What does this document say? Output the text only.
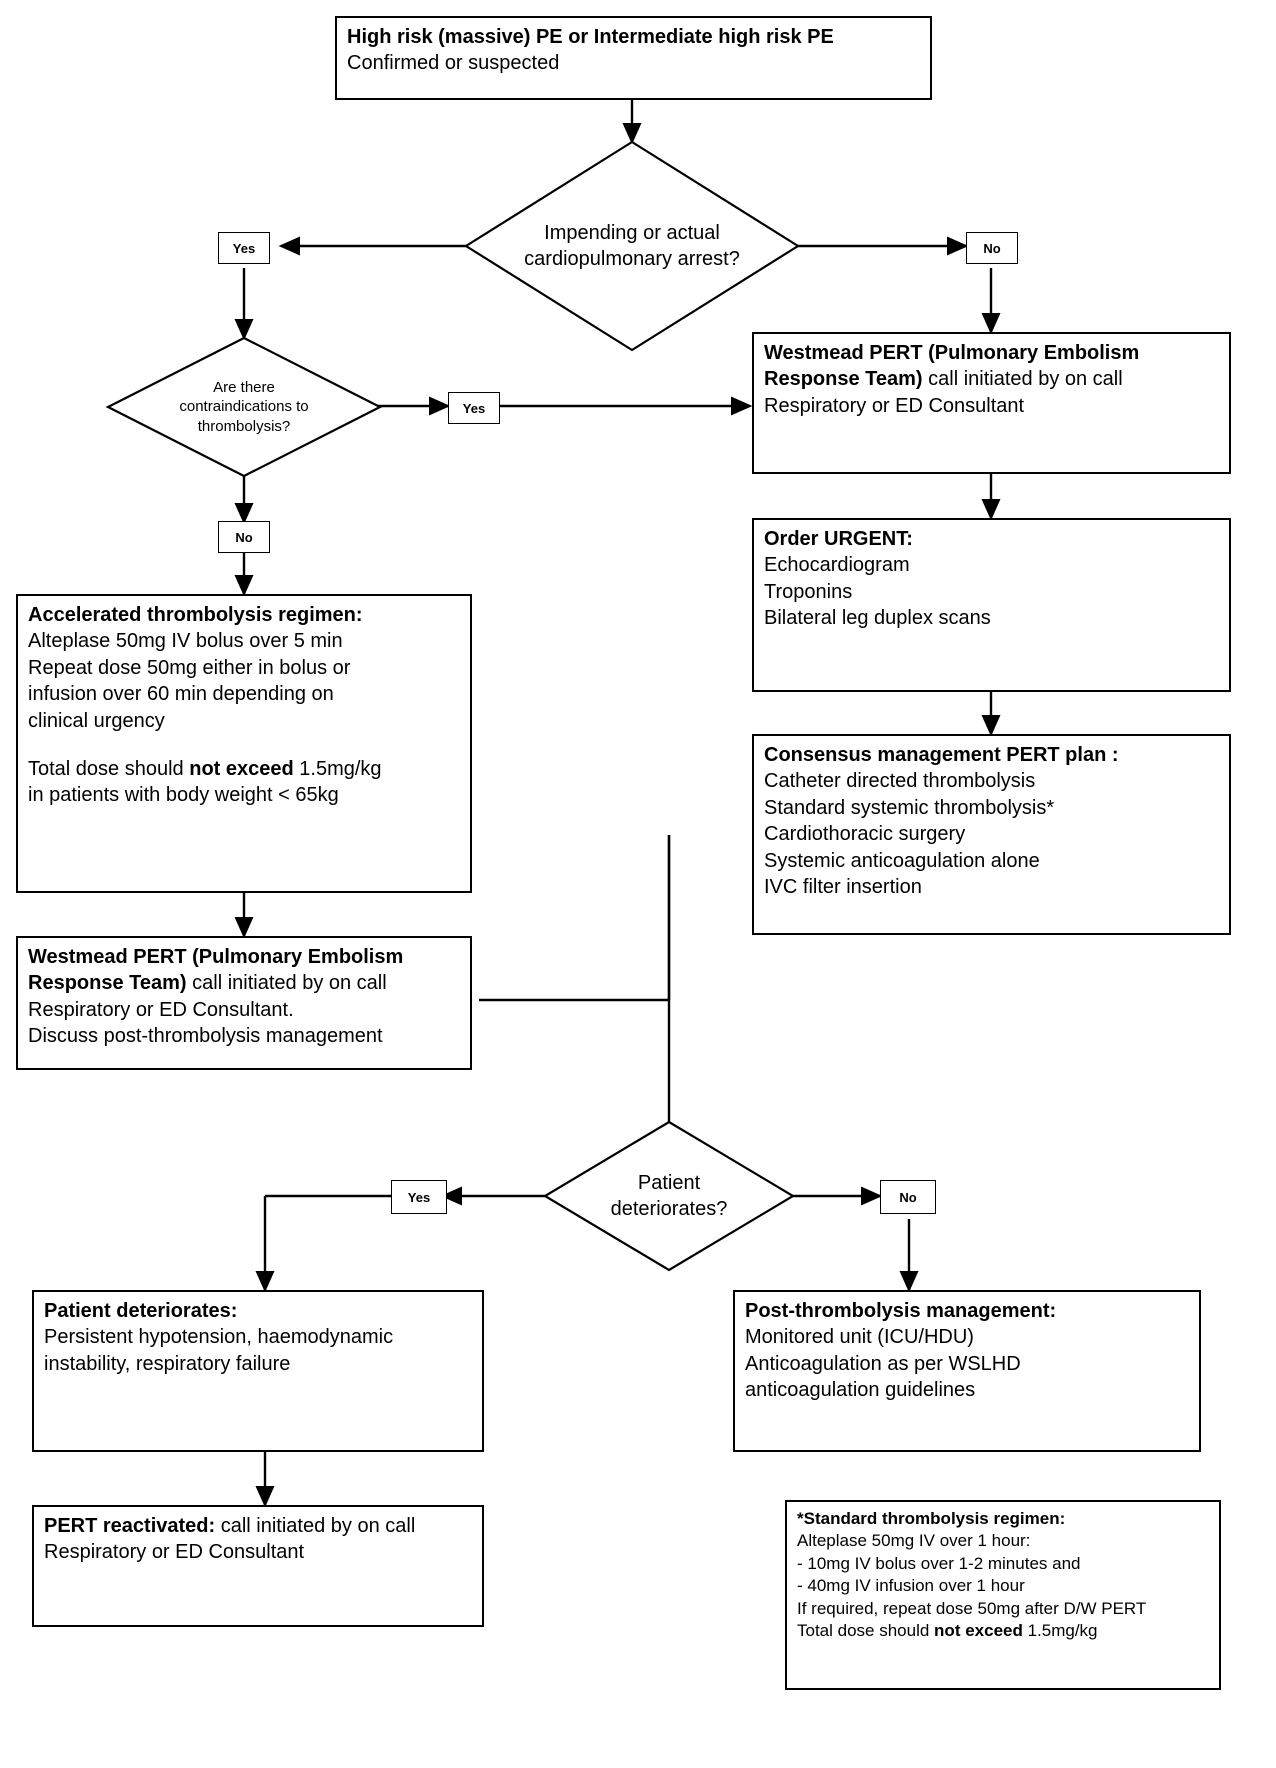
High risk (massive) PE or Intermediate high risk PE
Confirmed or suspected
Impending or actual
cardiopulmonary arrest?
Yes	No
Are there
contraindications to
thrombolysis?
Yes
No
Westmead PERT (Pulmonary Embolism Response Team) call initiated by on call Respiratory or ED Consultant
Order URGENT:
Echocardiogram
Troponins
Bilateral leg duplex scans
Consensus management PERT plan :
Catheter directed thrombolysis
Standard systemic thrombolysis*
Cardiothoracic surgery
Systemic anticoagulation alone
IVC filter insertion
Accelerated thrombolysis regimen:
Alteplase 50mg IV bolus over 5 min
Repeat dose 50mg either in bolus or
infusion over 60 min depending on
clinical urgency
Total dose should not exceed 1.5mg/kg
in patients with body weight < 65kg
Westmead PERT (Pulmonary Embolism Response Team) call initiated by on call Respiratory or ED Consultant.
Discuss post-thrombolysis management
Patient
deteriorates?
Yes	No
Patient deteriorates:
Persistent hypotension, haemodynamic
instability, respiratory failure
PERT reactivated: call initiated by on call Respiratory or ED Consultant
Post-thrombolysis management:
Monitored unit (ICU/HDU)
Anticoagulation as per WSLHD
anticoagulation guidelines
*Standard thrombolysis regimen:
Alteplase 50mg IV over 1 hour:
- 10mg IV bolus over 1-2 minutes and
- 40mg IV infusion over 1 hour
If required, repeat dose 50mg after D/W PERT
Total dose should not exceed 1.5mg/kg
